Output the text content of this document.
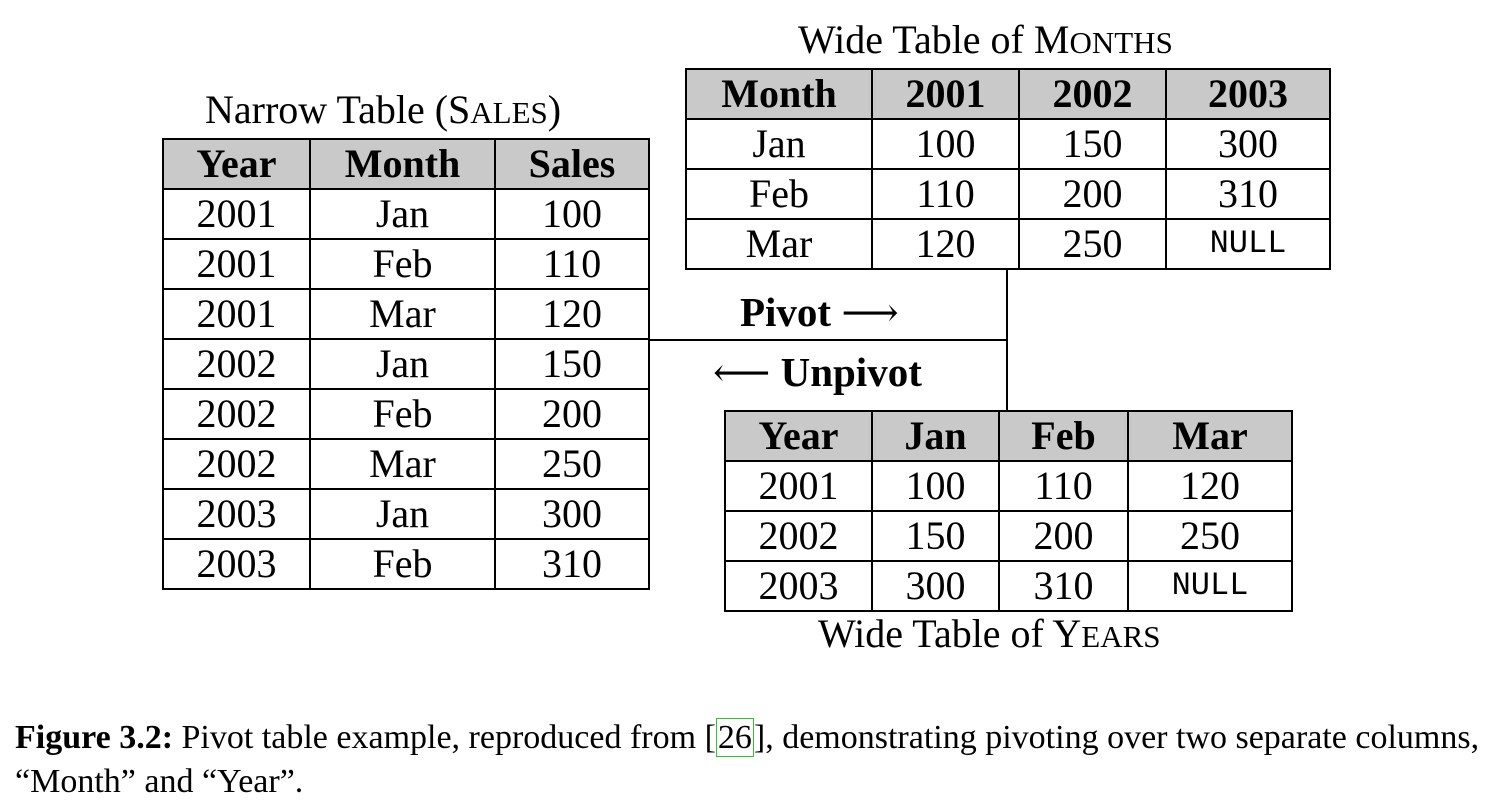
Narrow Table (SALES)
Year	Month	Sales
2001	Jan	100
2001	Feb	110
2001	Mar	120
2002	Jan	150
2002	Feb	200
2002	Mar	250
2003	Jan	300
2003	Feb	310
Wide Table of MONTHS
Month	2001	2002	2003
Jan	100	150	300
Feb	110	200	310
Mar	120	250	NULL
Pivot ⟶
⟵ Unpivot
Year	Jan	Feb	Mar
2001	100	110	120
2002	150	200	250
2003	300	310	NULL
Wide Table of YEARS
Figure 3.2: Pivot table example, reproduced from [26], demonstrating pivoting over two separate columns, “Month” and “Year”.
